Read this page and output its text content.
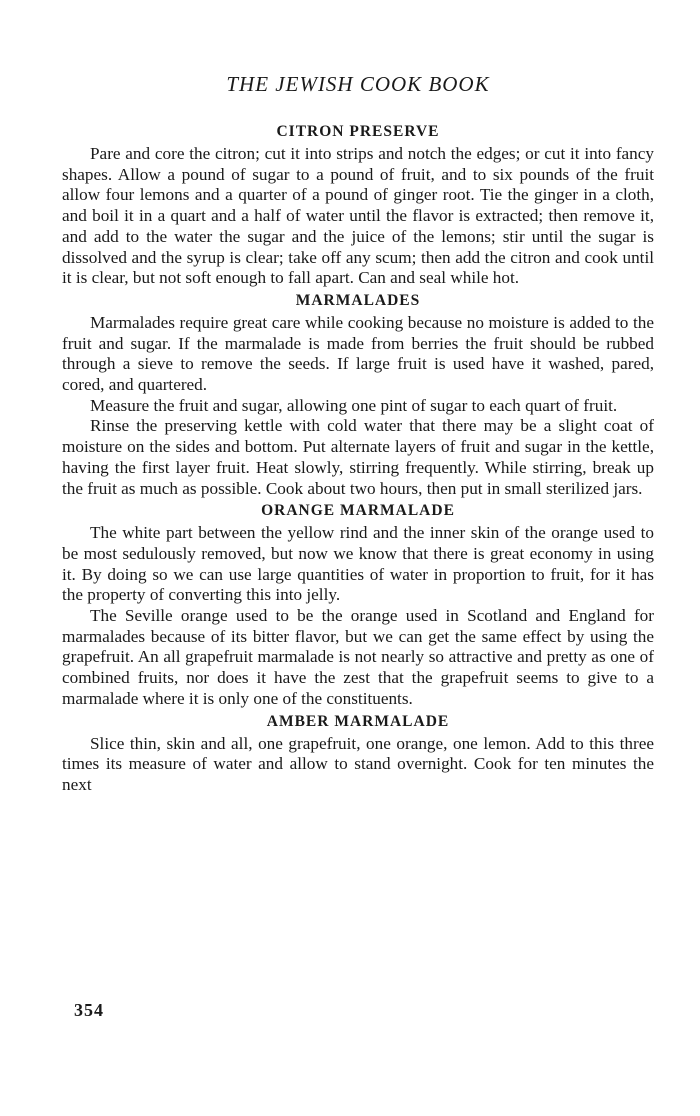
THE JEWISH COOK BOOK
CITRON PRESERVE

Pare and core the citron; cut it into strips and notch the edges; or cut it into fancy shapes. Allow a pound of sugar to a pound of fruit, and to six pounds of the fruit allow four lemons and a quarter of a pound of ginger root. Tie the ginger in a cloth, and boil it in a quart and a half of water until the flavor is extracted; then remove it, and add to the water the sugar and the juice of the lemons; stir until the sugar is dissolved and the syrup is clear; take off any scum; then add the citron and cook until it is clear, but not soft enough to fall apart. Can and seal while hot.

MARMALADES

Marmalades require great care while cooking because no moisture is added to the fruit and sugar. If the marmalade is made from berries the fruit should be rubbed through a sieve to remove the seeds. If large fruit is used have it washed, pared, cored, and quartered.

Measure the fruit and sugar, allowing one pint of sugar to each quart of fruit.

Rinse the preserving kettle with cold water that there may be a slight coat of moisture on the sides and bottom. Put alternate layers of fruit and sugar in the kettle, having the first layer fruit. Heat slowly, stirring frequently. While stirring, break up the fruit as much as possible. Cook about two hours, then put in small sterilized jars.

ORANGE MARMALADE

The white part between the yellow rind and the inner skin of the orange used to be most sedulously removed, but now we know that there is great economy in using it. By doing so we can use large quantities of water in proportion to fruit, for it has the property of converting this into jelly.

The Seville orange used to be the orange used in Scotland and England for marmalades because of its bitter flavor, but we can get the same effect by using the grapefruit. An all grapefruit marmalade is not nearly so attractive and pretty as one of combined fruits, nor does it have the zest that the grapefruit seems to give to a marmalade where it is only one of the constituents.

AMBER MARMALADE

Slice thin, skin and all, one grapefruit, one orange, one lemon. Add to this three times its measure of water and allow to stand overnight. Cook for ten minutes the next

354
